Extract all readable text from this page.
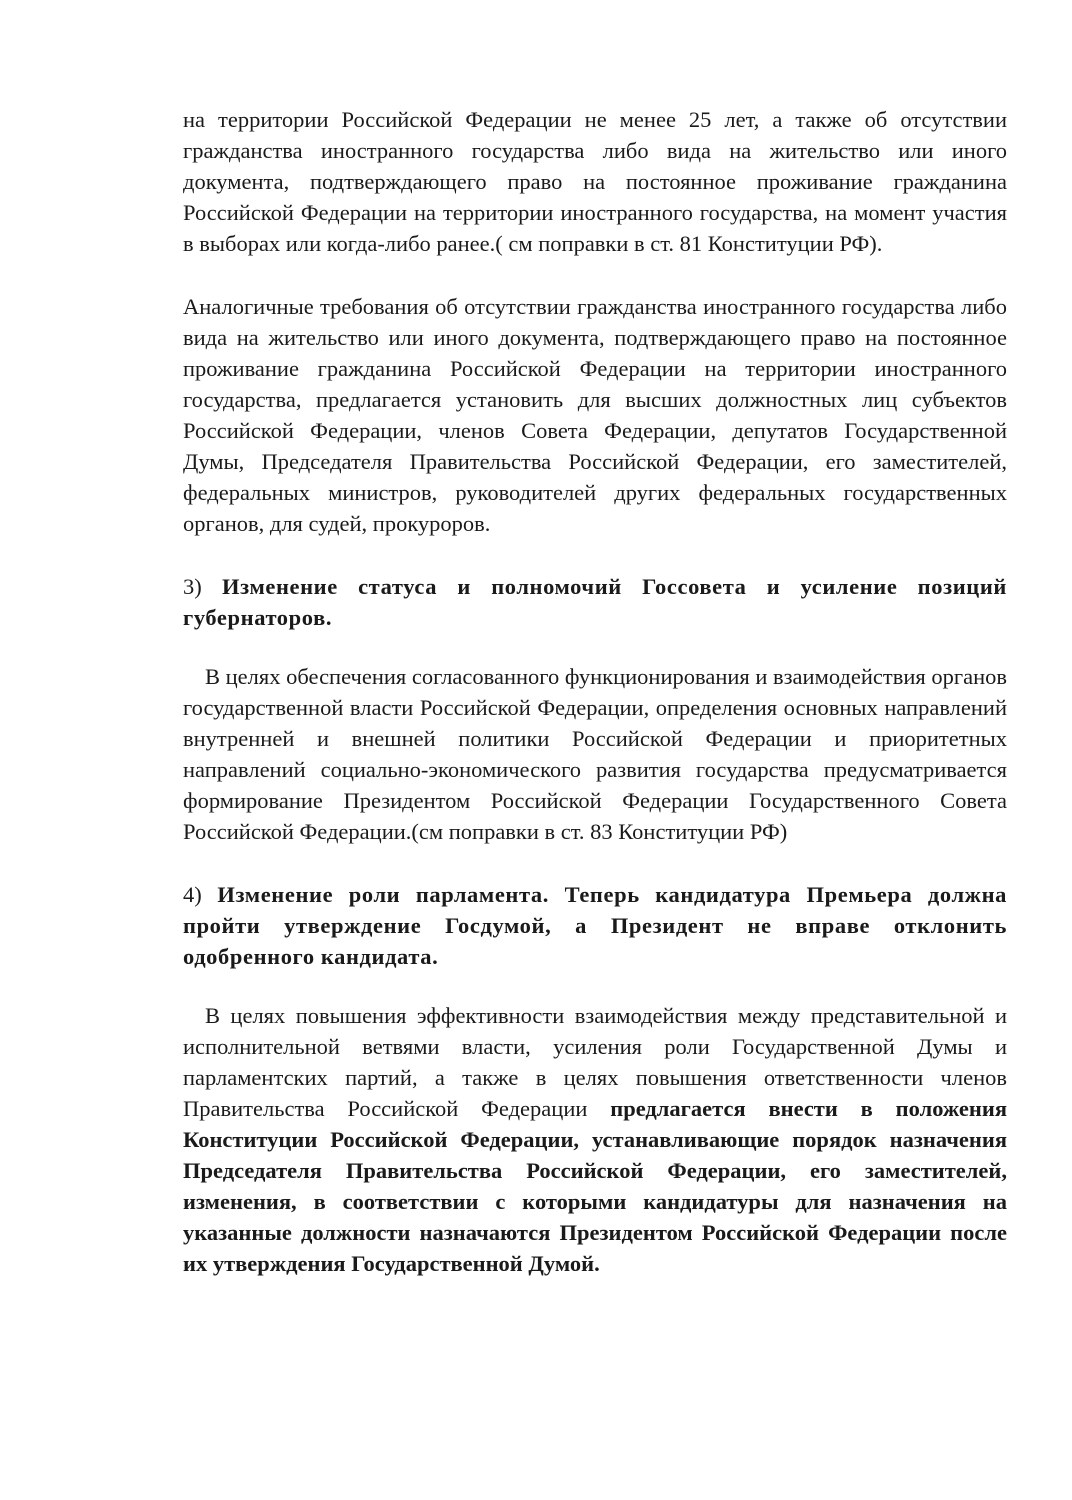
на территории Российской Федерации не менее 25 лет, а также об отсутствии гражданства иностранного государства либо вида на жительство или иного документа, подтверждающего право на постоянное проживание гражданина Российской Федерации на территории иностранного государства, на момент участия в выборах или когда-либо ранее.( см поправки в ст. 81 Конституции РФ).

Аналогичные требования об отсутствии гражданства иностранного государства либо вида на жительство или иного документа, подтверждающего право на постоянное проживание гражданина Российской Федерации на территории иностранного государства, предлагается установить для высших должностных лиц субъектов Российской Федерации, членов Совета Федерации, депутатов Государственной Думы, Председателя Правительства Российской Федерации, его заместителей, федеральных министров, руководителей других федеральных государственных органов, для судей, прокуроров.

3) Изменение статуса и полномочий Госсовета и усиление позиций губернаторов.

В целях обеспечения согласованного функционирования и взаимодействия органов государственной власти Российской Федерации, определения основных направлений внутренней и внешней политики Российской Федерации и приоритетных направлений социально-экономического развития государства предусматривается формирование Президентом Российской Федерации Государственного Совета Российской Федерации.(см поправки в ст. 83 Конституции РФ)

4) Изменение роли парламента. Теперь кандидатура Премьера должна пройти утверждение Госдумой, а Президент не вправе отклонить одобренного кандидата.

В целях повышения эффективности взаимодействия между представительной и исполнительной ветвями власти, усиления роли Государственной Думы и парламентских партий, а также в целях повышения ответственности членов Правительства Российской Федерации предлагается внести в положения Конституции Российской Федерации, устанавливающие порядок назначения Председателя Правительства Российской Федерации, его заместителей, изменения, в соответствии с которыми кандидатуры для назначения на указанные должности назначаются Президентом Российской Федерации после их утверждения Государственной Думой.
